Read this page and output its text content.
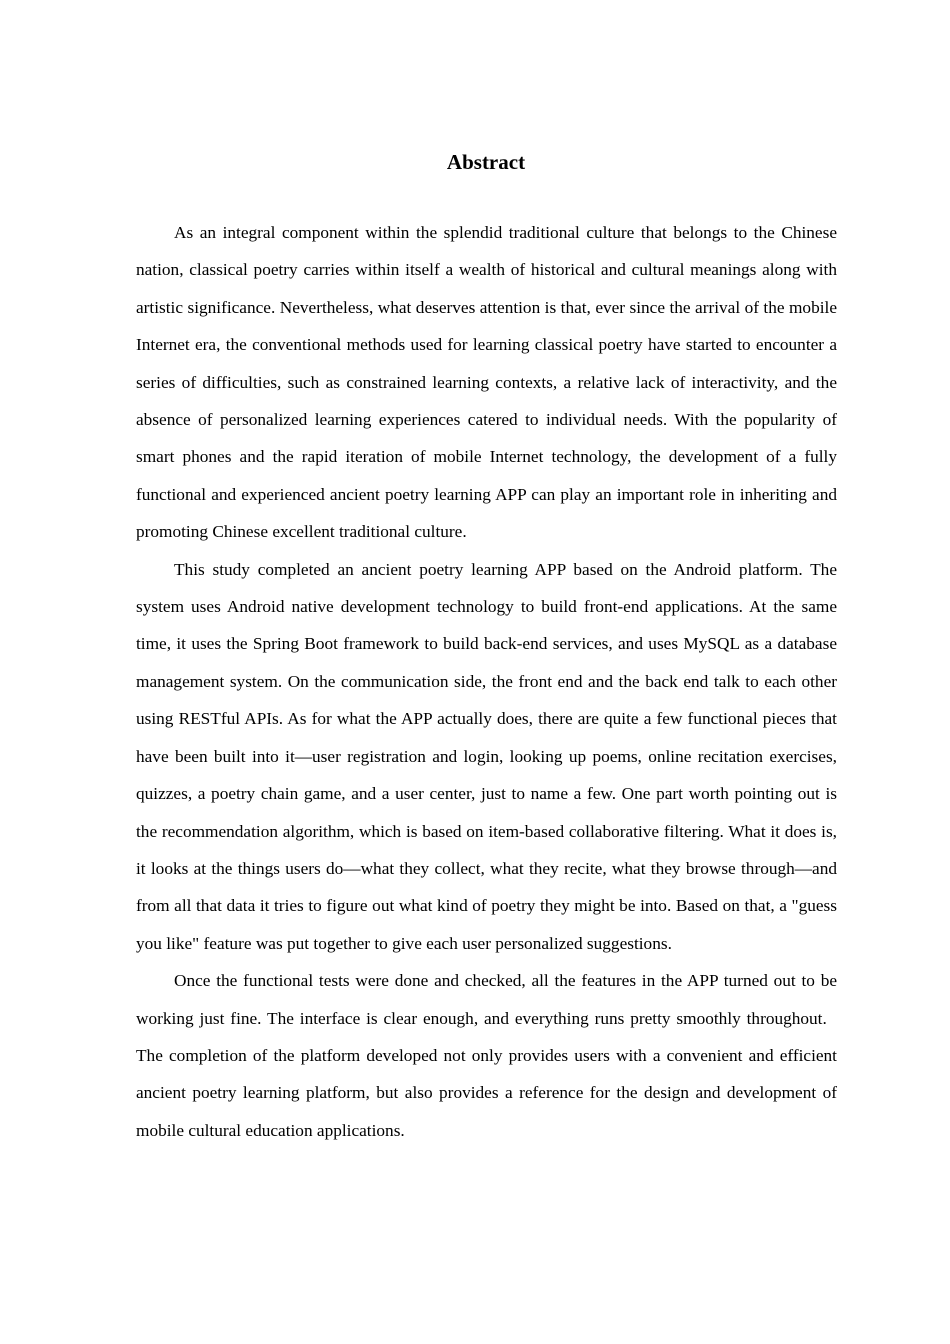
Abstract

As an integral component within the splendid traditional culture that belongs to the Chinese nation, classical poetry carries within itself a wealth of historical and cultural meanings along with artistic significance. Nevertheless, what deserves attention is that, ever since the arrival of the mobile Internet era, the conventional methods used for learning classical poetry have started to encounter a series of difficulties, such as constrained learning contexts, a relative lack of interactivity, and the absence of personalized learning experiences catered to individual needs. With the popularity of smart phones and the rapid iteration of mobile Internet technology, the development of a fully functional and experienced ancient poetry learning APP can play an important role in inheriting and promoting Chinese excellent traditional culture.

This study completed an ancient poetry learning APP based on the Android platform. The system uses Android native development technology to build front-end applications. At the same time, it uses the Spring Boot framework to build back-end services, and uses MySQL as a database management system. On the communication side, the front end and the back end talk to each other using RESTful APIs. As for what the APP actually does, there are quite a few functional pieces that have been built into it—user registration and login, looking up poems, online recitation exercises, quizzes, a poetry chain game, and a user center, just to name a few. One part worth pointing out is the recommendation algorithm, which is based on item-based collaborative filtering. What it does is, it looks at the things users do—what they collect, what they recite, what they browse through—and from all that data it tries to figure out what kind of poetry they might be into. Based on that, a "guess you like" feature was put together to give each user personalized suggestions.

Once the functional tests were done and checked, all the features in the APP turned out to be working just fine. The interface is clear enough, and everything runs pretty smoothly throughout.   The completion of the platform developed not only provides users with a convenient and efficient ancient poetry learning platform, but also provides a reference for the design and development of mobile cultural education applications.
